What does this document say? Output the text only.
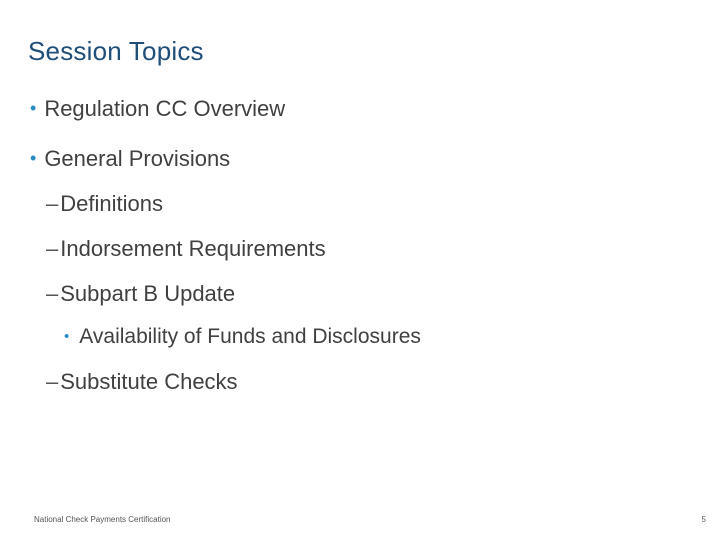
Session Topics
• Regulation CC Overview
• General Provisions
–Definitions
–Indorsement Requirements
–Subpart B Update
• Availability of Funds and Disclosures
–Substitute Checks
National Check Payments Certification	5
